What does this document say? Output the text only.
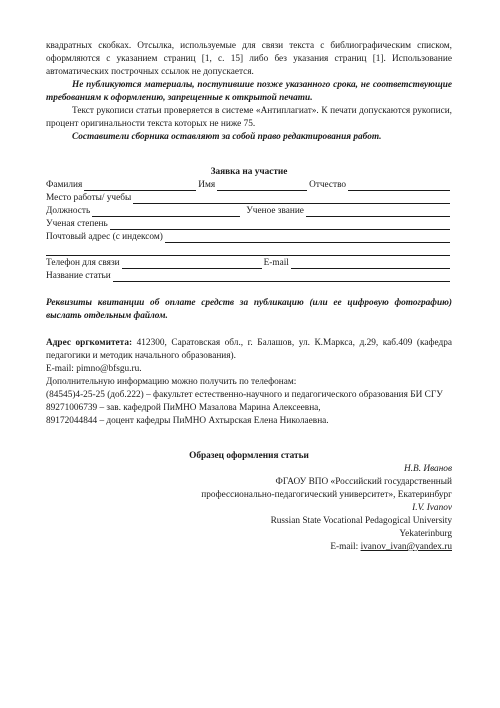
квадратных скобках. Отсылка, используемые для связи текста с библиографическим списком, оформляются с указанием страниц [1, с. 15] либо без указания страниц [1]. Использование автоматических построчных ссылок не допускается.

Не публикуются материалы, поступившие позже указанного срока, не соответствующие требованиям к оформлению, запрещенные к открытой печати.

Текст рукописи статьи проверяется в системе «Антиплагиат». К печати допускаются рукописи, процент оригинальности текста которых не ниже 75.

Составители сборника оставляют за собой право редактирования работ.

Заявка на участие

Фамилия	Имя	Отчество
Место работы/ учебы
Должность	Ученое звание
Ученая степень
Почтовый адрес (с индексом)
Телефон для связи	E-mail
Название статьи

Реквизиты квитанции об оплате средств за публикацию (или ее цифровую фотографию) выслать отдельным файлом.

Адрес оргкомитета: 412300, Саратовская обл., г. Балашов, ул. К.Маркса, д.29, каб.409 (кафедра педагогики и методик начального образования).

E-mail: pimno@bfsgu.ru.

Дополнительную информацию можно получить по телефонам:

(84545)4-25-25 (доб.222) – факультет естественно-научного и педагогического образования БИ СГУ

89271006739 – зав. кафедрой ПиМНО Мазалова Марина Алексеевна,

89172044844 – доцент кафедры ПиМНО Ахтырская Елена Николаевна.

Образец оформления статьи

Н.В. Иванов

ФГАОУ ВПО «Российский государственный

профессионально-педагогический университет», Екатеринбург

I.V. Ivanov

Russian State Vocational Pedagogical University

Yekaterinburg

E-mail: ivanov_ivan@yandex.ru
